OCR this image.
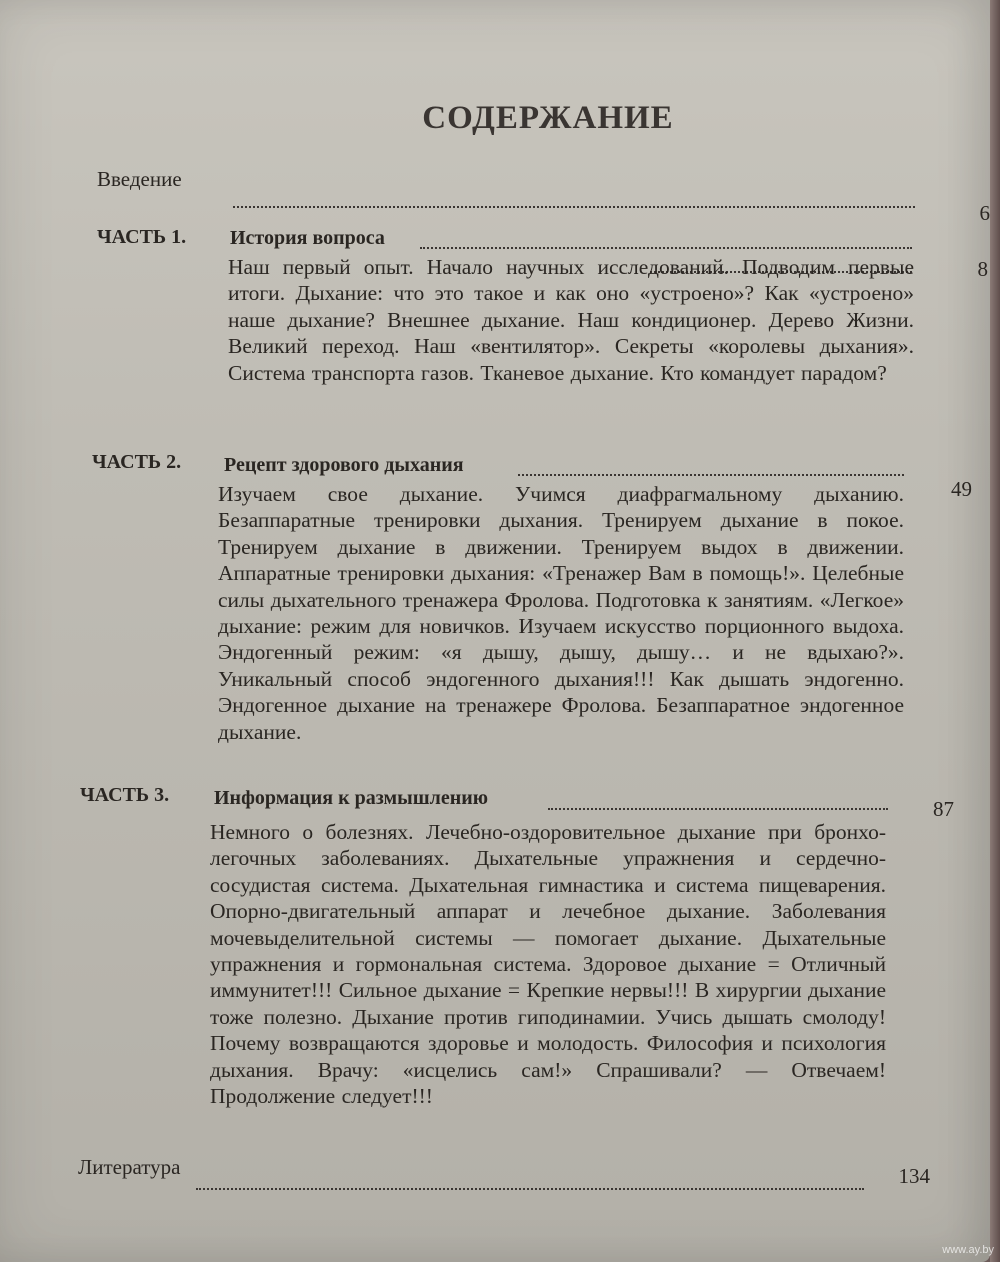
СОДЕРЖАНИЕ
Введение
6
ЧАСТЬ 1. История вопроса
8
Наш первый опыт. Начало научных исследований. Подводим первые итоги. Дыхание: что это такое и как оно «устроено»? Как «устроено» наше дыхание? Внешнее дыхание. Наш кондиционер. Дерево Жизни. Великий переход. Наш «вентилятор». Секреты «королевы дыхания». Система транспорта газов. Тканевое дыхание. Кто командует парадом?
ЧАСТЬ 2. Рецепт здорового дыхания
49
Изучаем свое дыхание. Учимся диафрагмальному дыханию. Безаппаратные тренировки дыхания. Тренируем дыхание в покое. Тренируем дыхание в движении. Тренируем выдох в движении. Аппаратные тренировки дыхания: «Тренажер Вам в помощь!». Целебные силы дыхательного тренажера Фролова. Подготовка к занятиям. «Легкое» дыхание: режим для новичков. Изучаем искусство порционного выдоха. Эндогенный режим: «я дышу, дышу, дышу… и не вдыхаю?». Уникальный способ эндогенного дыхания!!! Как дышать эндогенно. Эндогенное дыхание на тренажере Фролова. Безаппаратное эндогенное дыхание.
ЧАСТЬ 3. Информация к размышлению	87
Немного о болезнях. Лечебно-оздоровительное дыхание при бронхо-легочных заболеваниях. Дыхательные упражнения и сердечно-сосудистая система. Дыхательная гимнастика и система пищеварения. Опорно-двигательный аппарат и лечебное дыхание. Заболевания мочевыделительной системы — помогает дыхание. Дыхательные упражнения и гормональная система. Здоровое дыхание = Отличный иммунитет!!! Сильное дыхание = Крепкие нервы!!! В хирургии дыхание тоже полезно. Дыхание против гиподинамии. Учись дышать смолоду! Почему возвращаются здоровье и молодость. Философия и психология дыхания. Врачу: «исцелись сам!» Спрашивали? — Отвечаем! Продолжение следует!!!
Литература	134
www.ay.by
